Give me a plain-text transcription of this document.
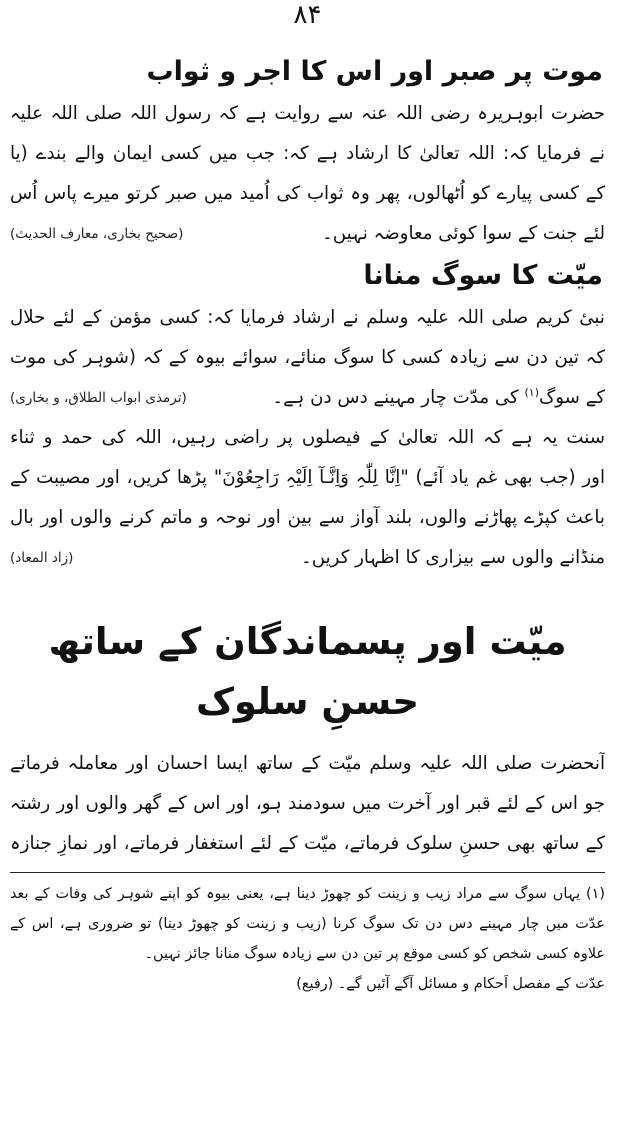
۸۴
موت پر صبر اور اس کا اجر و ثواب
حضرت ابوہریرہ رضی اللہ عنہ سے روایت ہے کہ رسول اللہ صلی اللہ علیہ
نے فرمایا کہ: اللہ تعالیٰ کا ارشاد ہے کہ: جب میں کسی ایمان والے بندے (یا
کے کسی پیارے کو اُٹھالوں، پھر وہ ثواب کی اُمید میں صبر کرتو میرے پاس اُس
لئے جنت کے سوا کوئی معاوضہ نہیں۔
(صحیح بخاری، معارف الحدیث)
میّت کا سوگ منانا
نبیٔ کریم صلی اللہ علیہ وسلم نے ارشاد فرمایا کہ: کسی مؤمن کے لئے حلال
کہ تین دن سے زیادہ کسی کا سوگ منائے، سوائے بیوہ کے کہ (شوہر کی موت
کے سوگ$^{(۱)}$ کی مدّت چار مہینے دس دن ہے۔
(ترمذی ابواب الطلاق، و بخاری)
سنت یہ ہے کہ اللہ تعالیٰ کے فیصلوں پر راضی رہیں، اللہ کی حمد و ثناء
اور (جب بھی غم یاد آئے) "اِنَّا لِلّٰہِ وَاِنَّـآ اِلَیْہِ رَاجِعُوْنَ" پڑھا کریں، اور مصیبت کے
باعث کپڑے پھاڑنے والوں، بلند آواز سے بین اور نوحہ و ماتم کرنے والوں اور بال
منڈانے والوں سے بیزاری کا اظہار کریں۔
(زاد المعاد)
میّت اور پسماندگان کے ساتھ حسنِ سلوک
آنحضرت صلی اللہ علیہ وسلم میّت کے ساتھ ایسا احسان اور معاملہ فرماتے
جو اس کے لئے قبر اور آخرت میں سودمند ہو، اور اس کے گھر والوں اور رشتہ
کے ساتھ بھی حسنِ سلوک فرماتے، میّت کے لئے استغفار فرماتے، اور نمازِ جنازہ
(۱) یہاں سوگ سے مراد زیب و زینت کو چھوڑ دینا ہے، یعنی بیوہ کو اپنے شوہر کی وفات کے بعد
عدّت میں چار مہینے دس دن تک سوگ کرنا (زیب و زینت کو چھوڑ دینا) تو ضروری ہے، اس کے
علاوہ کسی شخص کو کسی موقع پر تین دن سے زیادہ سوگ منانا جائز نہیں۔
عدّت کے مفصل اَحکام و مسائل آگے آئیں گے۔ (رفیع)
